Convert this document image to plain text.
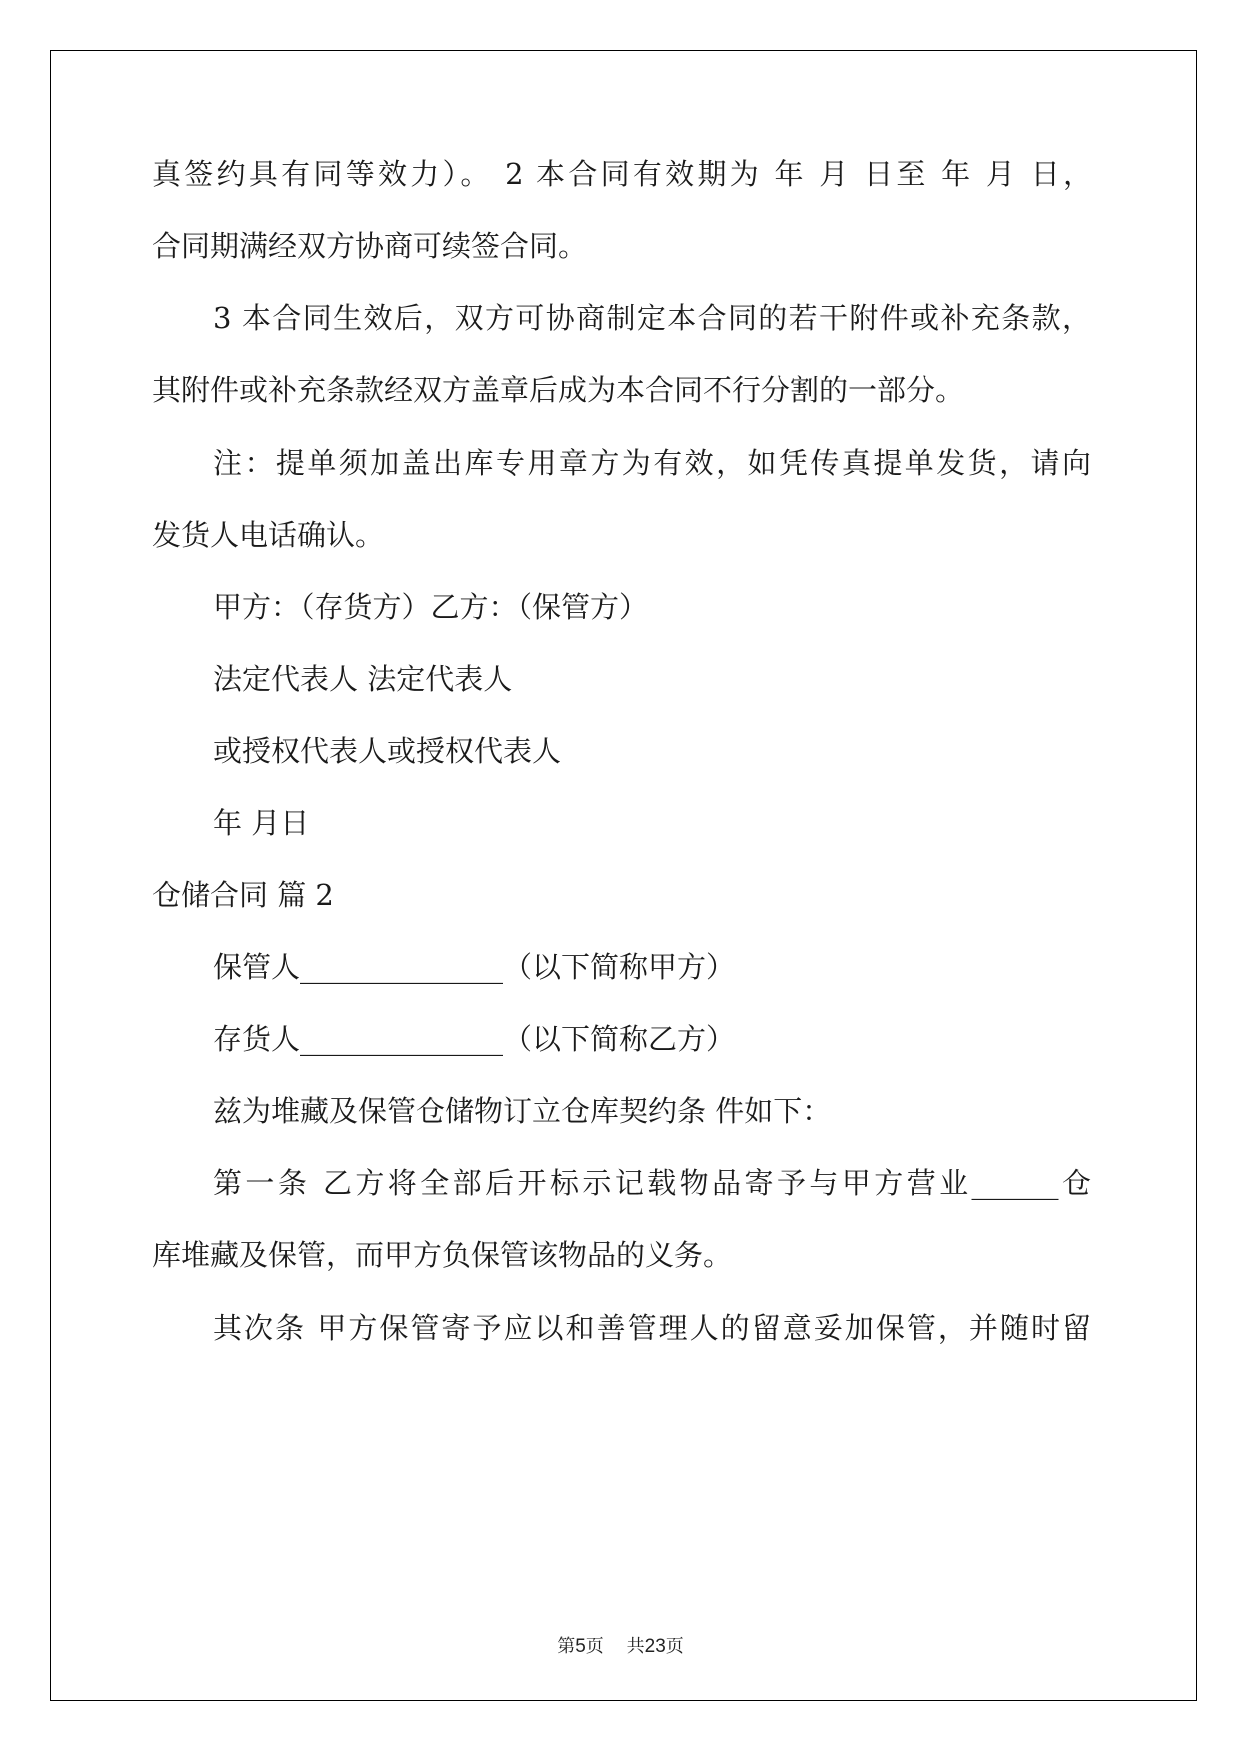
真签约具有同等效力）。 2 本合同有效期为 年 月 日至 年 月 日，
合同期满经双方协商可续签合同。
3 本合同生效后，双方可协商制定本合同的若干附件或补充条款，
其附件或补充条款经双方盖章后成为本合同不行分割的一部分。
注：提单须加盖出库专用章方为有效，如凭传真提单发货，请向
发货人电话确认。
甲方：（存货方）乙方：（保管方）
法定代表人 法定代表人
或授权代表人或授权代表人
年 月日
仓储合同 篇 2
保管人______________（以下简称甲方）
存货人______________（以下简称乙方）
兹为堆藏及保管仓储物订立仓库契约条 件如下：
第一条 乙方将全部后开标示记载物品寄予与甲方营业______仓
库堆藏及保管，而甲方负保管该物品的义务。
其次条 甲方保管寄予应以和善管理人的留意妥加保管，并随时留
第5页    共23页
